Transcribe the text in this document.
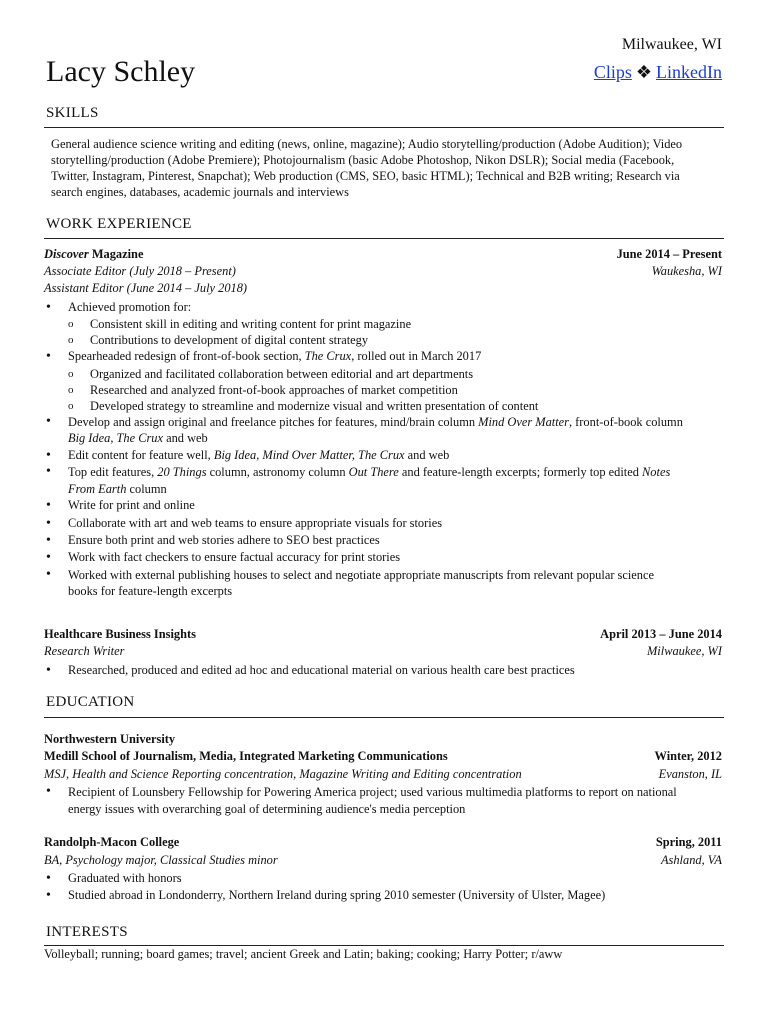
Lacy Schley
Milwaukee, WI
Clips ❖ LinkedIn
SKILLS
General audience science writing and editing (news, online, magazine); Audio storytelling/production (Adobe Audition); Video storytelling/production (Adobe Premiere); Photojournalism (basic Adobe Photoshop, Nikon DSLR); Social media (Facebook, Twitter, Instagram, Pinterest, Snapchat); Web production (CMS, SEO, basic HTML); Technical and B2B writing; Research via search engines, databases, academic journals and interviews
WORK EXPERIENCE
Discover Magazine	June 2014 – Present
Associate Editor (July 2018 – Present)	Waukesha, WI
Assistant Editor (June 2014 – July 2018)
• Achieved promotion for:
o Consistent skill in editing and writing content for print magazine
o Contributions to development of digital content strategy
• Spearheaded redesign of front-of-book section, The Crux, rolled out in March 2017
o Organized and facilitated collaboration between editorial and art departments
o Researched and analyzed front-of-book approaches of market competition
o Developed strategy to streamline and modernize visual and written presentation of content
• Develop and assign original and freelance pitches for features, mind/brain column Mind Over Matter, front-of-book column Big Idea, The Crux and web
• Edit content for feature well, Big Idea, Mind Over Matter, The Crux and web
• Top edit features, 20 Things column, astronomy column Out There and feature-length excerpts; formerly top edited Notes From Earth column
• Write for print and online
• Collaborate with art and web teams to ensure appropriate visuals for stories
• Ensure both print and web stories adhere to SEO best practices
• Work with fact checkers to ensure factual accuracy for print stories
• Worked with external publishing houses to select and negotiate appropriate manuscripts from relevant popular science books for feature-length excerpts
Healthcare Business Insights	April 2013 – June 2014
Research Writer	Milwaukee, WI
• Researched, produced and edited ad hoc and educational material on various health care best practices
EDUCATION
Northwestern University
Medill School of Journalism, Media, Integrated Marketing Communications	Winter, 2012
MSJ, Health and Science Reporting concentration, Magazine Writing and Editing concentration	Evanston, IL
• Recipient of Lounsbery Fellowship for Powering America project; used various multimedia platforms to report on national energy issues with overarching goal of determining audience's media perception
Randolph-Macon College	Spring, 2011
BA, Psychology major, Classical Studies minor	Ashland, VA
• Graduated with honors
• Studied abroad in Londonderry, Northern Ireland during spring 2010 semester (University of Ulster, Magee)
INTERESTS
Volleyball; running; board games; travel; ancient Greek and Latin; baking; cooking; Harry Potter; r/aww
